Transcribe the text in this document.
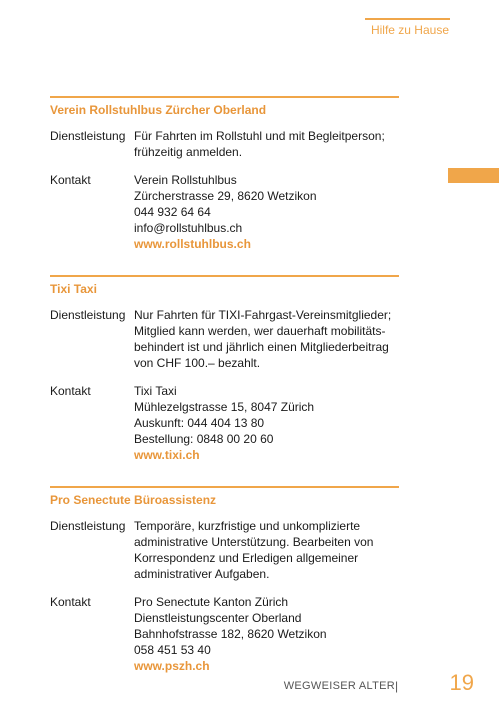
Hilfe zu Hause
Verein Rollstuhlbus Zürcher Oberland
Dienstleistung Für Fahrten im Rollstuhl und mit Begleitperson;
frühzeitig anmelden.
Kontakt	Verein Rollstuhlbus
Zürcherstrasse 29, 8620 Wetzikon
044 932 64 64
info@rollstuhlbus.ch
www.rollstuhlbus.ch
Tixi Taxi
Dienstleistung Nur Fahrten für TIXI-Fahrgast-Vereinsmitglieder;
Mitglied kann werden, wer dauerhaft mobilitäts-
behindert ist und jährlich einen Mitgliederbeitrag
von CHF 100.– bezahlt.
Kontakt	Tixi Taxi
Mühlezelgstrasse 15, 8047 Zürich
Auskunft: 044 404 13 80
Bestellung: 0848 00 20 60
www.tixi.ch
Pro Senectute Büroassistenz
Dienstleistung Temporäre, kurzfristige und unkomplizierte
administrative Unterstützung. Bearbeiten von
Korrespondenz und Erledigen allgemeiner
administrativer Aufgaben.
Kontakt	Pro Senectute Kanton Zürich
Dienstleistungscenter Oberland
Bahnhofstrasse 182, 8620 Wetzikon
058 451 53 40
www.pszh.ch
WEGWEISER ALTER | 19
